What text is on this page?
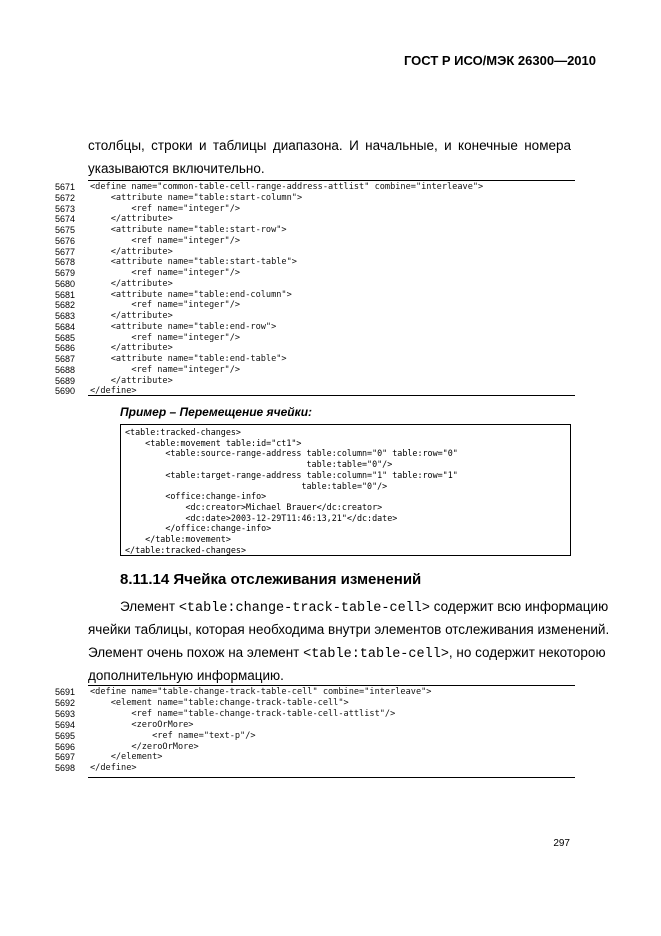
ГОСТ Р ИСО/МЭК 26300—2010
столбцы, строки и таблицы диапазона. И начальные, и конечные номера
указываются включительно.
5671	<define name="common-table-cell-range-address-attlist" combine="interleave">
5672	<attribute name="table:start-column">
5673	<ref name="integer"/>
5674	</attribute>
5675	<attribute name="table:start-row">
5676	<ref name="integer"/>
5677	</attribute>
5678	<attribute name="table:start-table">
5679	<ref name="integer"/>
5680	</attribute>
5681	<attribute name="table:end-column">
5682	<ref name="integer"/>
5683	</attribute>
5684	<attribute name="table:end-row">
5685	<ref name="integer"/>
5686	</attribute>
5687	<attribute name="table:end-table">
5688	<ref name="integer"/>
5689	</attribute>
5690	</define>
Пример – Перемещение ячейки:
<table:tracked-changes>
<table:movement table:id="ct1">
<table:source-range-address table:column="0" table:row="0"
table:table="0"/>
<table:target-range-address table:column="1" table:row="1"
table:table="0"/>
<office:change-info>
<dc:creator>Michael Brauer</dc:creator>
<dc:date>2003-12-29T11:46:13,21"</dc:date>
</office:change-info>
</table:movement>
</table:tracked-changes>
8.11.14 Ячейка отслеживания изменений
Элемент <table:change-track-table-cell> содержит всю информацию
ячейки таблицы, которая необходима внутри элементов отслеживания изменений.
Элемент очень похож на элемент <table:table-cell>, но содержит некоторою
дополнительную информацию.
5691	<define name="table-change-track-table-cell" combine="interleave">
5692	<element name="table:change-track-table-cell">
5693	<ref name="table-change-track-table-cell-attlist"/>
5694	<zeroOrMore>
5695	<ref name="text-p"/>
5696	</zeroOrMore>
5697	</element>
5698	</define>
297
